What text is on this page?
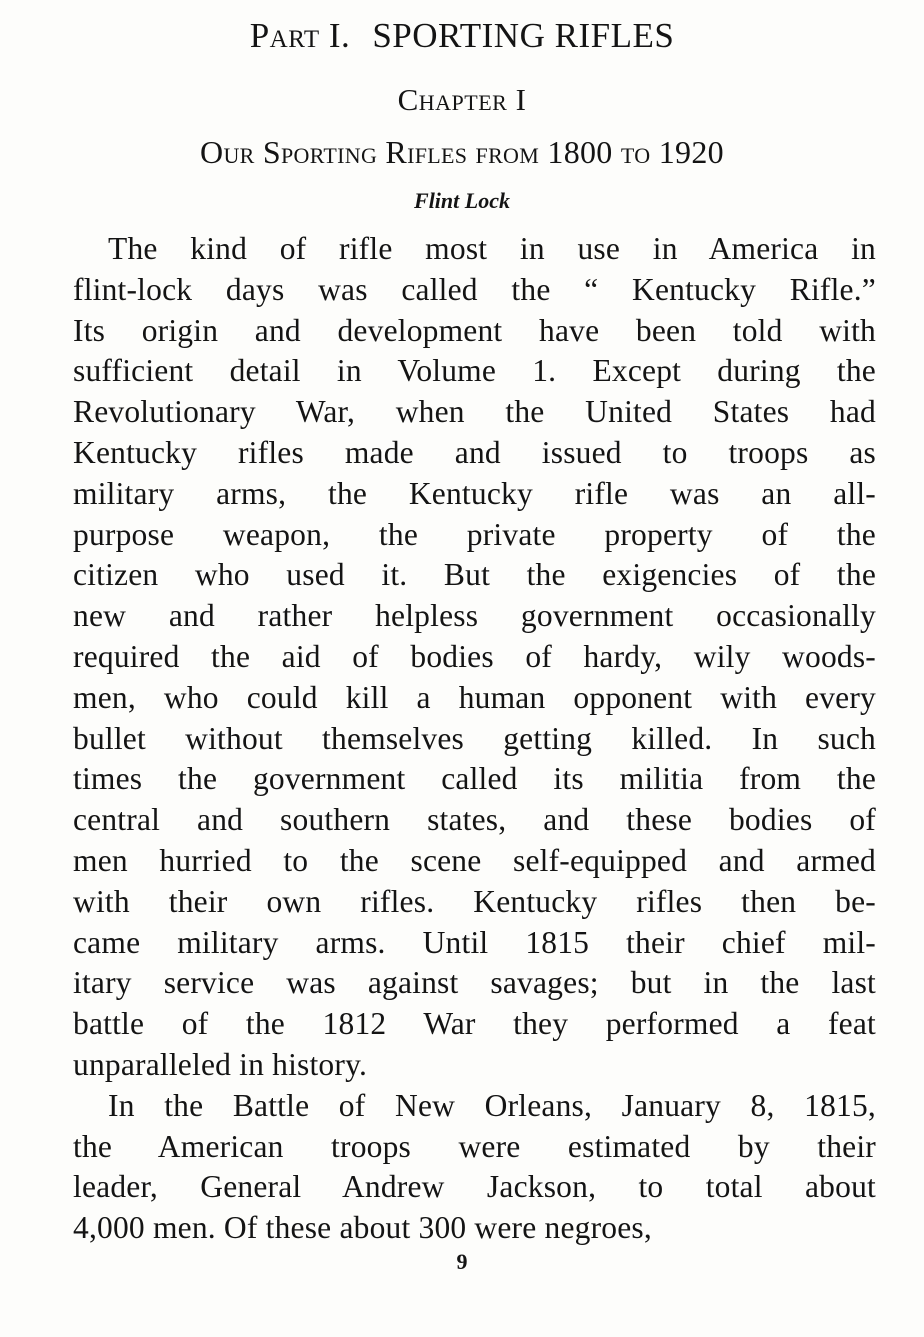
Part I. SPORTING RIFLES
Chapter I
Our Sporting Rifles from 1800 to 1920
Flint Lock

The kind of rifle most in use in America in
flint-lock days was called the “ Kentucky Rifle.”
Its origin and development have been told with
sufficient detail in Volume 1. Except during the
Revolutionary War, when the United States had
Kentucky rifles made and issued to troops as
military arms, the Kentucky rifle was an all-
purpose weapon, the private property of the
citizen who used it. But the exigencies of the
new and rather helpless government occasionally
required the aid of bodies of hardy, wily woods-
men, who could kill a human opponent with every
bullet without themselves getting killed. In such
times the government called its militia from the
central and southern states, and these bodies of
men hurried to the scene self-equipped and armed
with their own rifles. Kentucky rifles then be-
came military arms. Until 1815 their chief mil-
itary service was against savages; but in the last
battle of the 1812 War they performed a feat
unparalleled in history.

In the Battle of New Orleans, January 8, 1815,
the American troops were estimated by their
leader, General Andrew Jackson, to total about
4,000 men. Of these about 300 were negroes,

9
